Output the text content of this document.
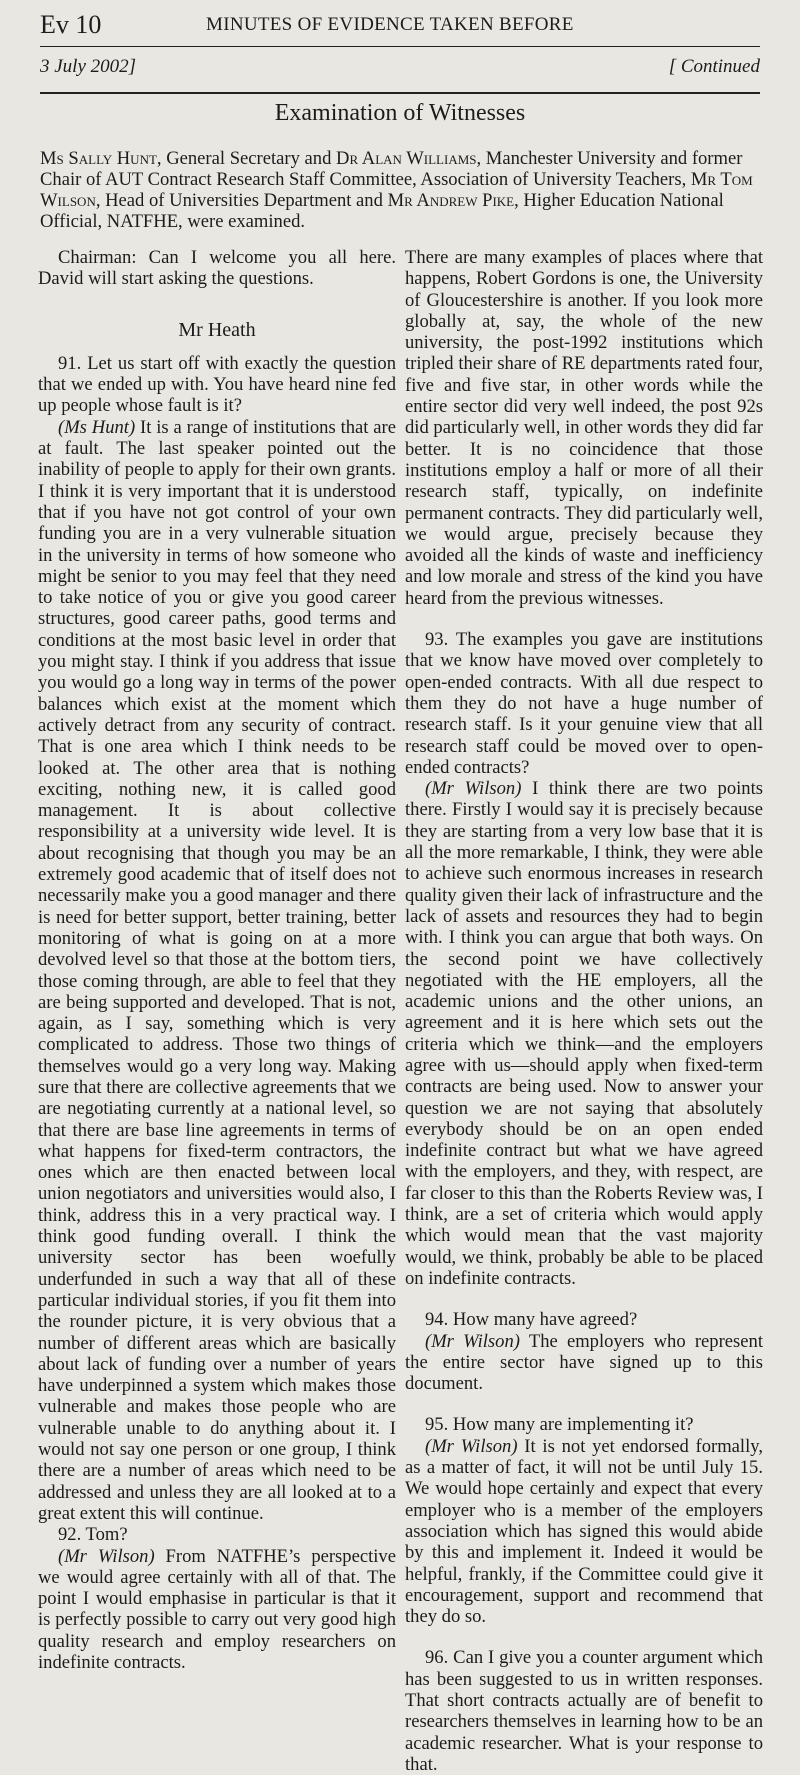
Ev 10	MINUTES OF EVIDENCE TAKEN BEFORE
3 July 2002]	[ Continued
Examination of Witnesses

Ms Sally Hunt, General Secretary and Dr Alan Williams, Manchester University and former Chair of AUT Contract Research Staff Committee, Association of University Teachers, Mr Tom Wilson, Head of Universities Department and Mr Andrew Pike, Higher Education National Official, NATFHE, were examined.

Chairman: Can I welcome you all here. David will start asking the questions.

Mr Heath

91. Let us start off with exactly the question that we ended up with. You have heard nine fed up people whose fault is it?

(Ms Hunt) It is a range of institutions that are at fault. The last speaker pointed out the inability of people to apply for their own grants. I think it is very important that it is understood that if you have not got control of your own funding you are in a very vulnerable situation in the university in terms of how someone who might be senior to you may feel that they need to take notice of you or give you good career structures, good career paths, good terms and conditions at the most basic level in order that you might stay. I think if you address that issue you would go a long way in terms of the power balances which exist at the moment which actively detract from any security of contract. That is one area which I think needs to be looked at. The other area that is nothing exciting, nothing new, it is called good management. It is about collective responsibility at a university wide level. It is about recognising that though you may be an extremely good academic that of itself does not necessarily make you a good manager and there is need for better support, better training, better monitoring of what is going on at a more devolved level so that those at the bottom tiers, those coming through, are able to feel that they are being supported and developed. That is not, again, as I say, something which is very complicated to address. Those two things of themselves would go a very long way. Making sure that there are collective agreements that we are negotiating currently at a national level, so that there are base line agreements in terms of what happens for fixed-term contractors, the ones which are then enacted between local union negotiators and universities would also, I think, address this in a very practical way. I think good funding overall. I think the university sector has been woefully underfunded in such a way that all of these particular individual stories, if you fit them into the rounder picture, it is very obvious that a number of different areas which are basically about lack of funding over a number of years have underpinned a system which makes those vulnerable and makes those people who are vulnerable unable to do anything about it. I would not say one person or one group, I think there are a number of areas which need to be addressed and unless they are all looked at to a great extent this will continue.

92. Tom?

(Mr Wilson) From NATFHE’s perspective we would agree certainly with all of that. The point I would emphasise in particular is that it is perfectly possible to carry out very good high quality research and employ researchers on indefinite contracts.

There are many examples of places where that happens, Robert Gordons is one, the University of Gloucestershire is another. If you look more globally at, say, the whole of the new university, the post-1992 institutions which tripled their share of RE departments rated four, five and five star, in other words while the entire sector did very well indeed, the post 92s did particularly well, in other words they did far better. It is no coincidence that those institutions employ a half or more of all their research staff, typically, on indefinite permanent contracts. They did particularly well, we would argue, precisely because they avoided all the kinds of waste and inefficiency and low morale and stress of the kind you have heard from the previous witnesses.

93. The examples you gave are institutions that we know have moved over completely to open-ended contracts. With all due respect to them they do not have a huge number of research staff. Is it your genuine view that all research staff could be moved over to open-ended contracts?

(Mr Wilson) I think there are two points there. Firstly I would say it is precisely because they are starting from a very low base that it is all the more remarkable, I think, they were able to achieve such enormous increases in research quality given their lack of infrastructure and the lack of assets and resources they had to begin with. I think you can argue that both ways. On the second point we have collectively negotiated with the HE employers, all the academic unions and the other unions, an agreement and it is here which sets out the criteria which we think—and the employers agree with us—should apply when fixed-term contracts are being used. Now to answer your question we are not saying that absolutely everybody should be on an open ended indefinite contract but what we have agreed with the employers, and they, with respect, are far closer to this than the Roberts Review was, I think, are a set of criteria which would apply which would mean that the vast majority would, we think, probably be able to be placed on indefinite contracts.

94. How many have agreed?

(Mr Wilson) The employers who represent the entire sector have signed up to this document.

95. How many are implementing it?

(Mr Wilson) It is not yet endorsed formally, as a matter of fact, it will not be until July 15. We would hope certainly and expect that every employer who is a member of the employers association which has signed this would abide by this and implement it. Indeed it would be helpful, frankly, if the Committee could give it encouragement, support and recommend that they do so.

96. Can I give you a counter argument which has been suggested to us in written responses. That short contracts actually are of benefit to researchers themselves in learning how to be an academic researcher. What is your response to that.
